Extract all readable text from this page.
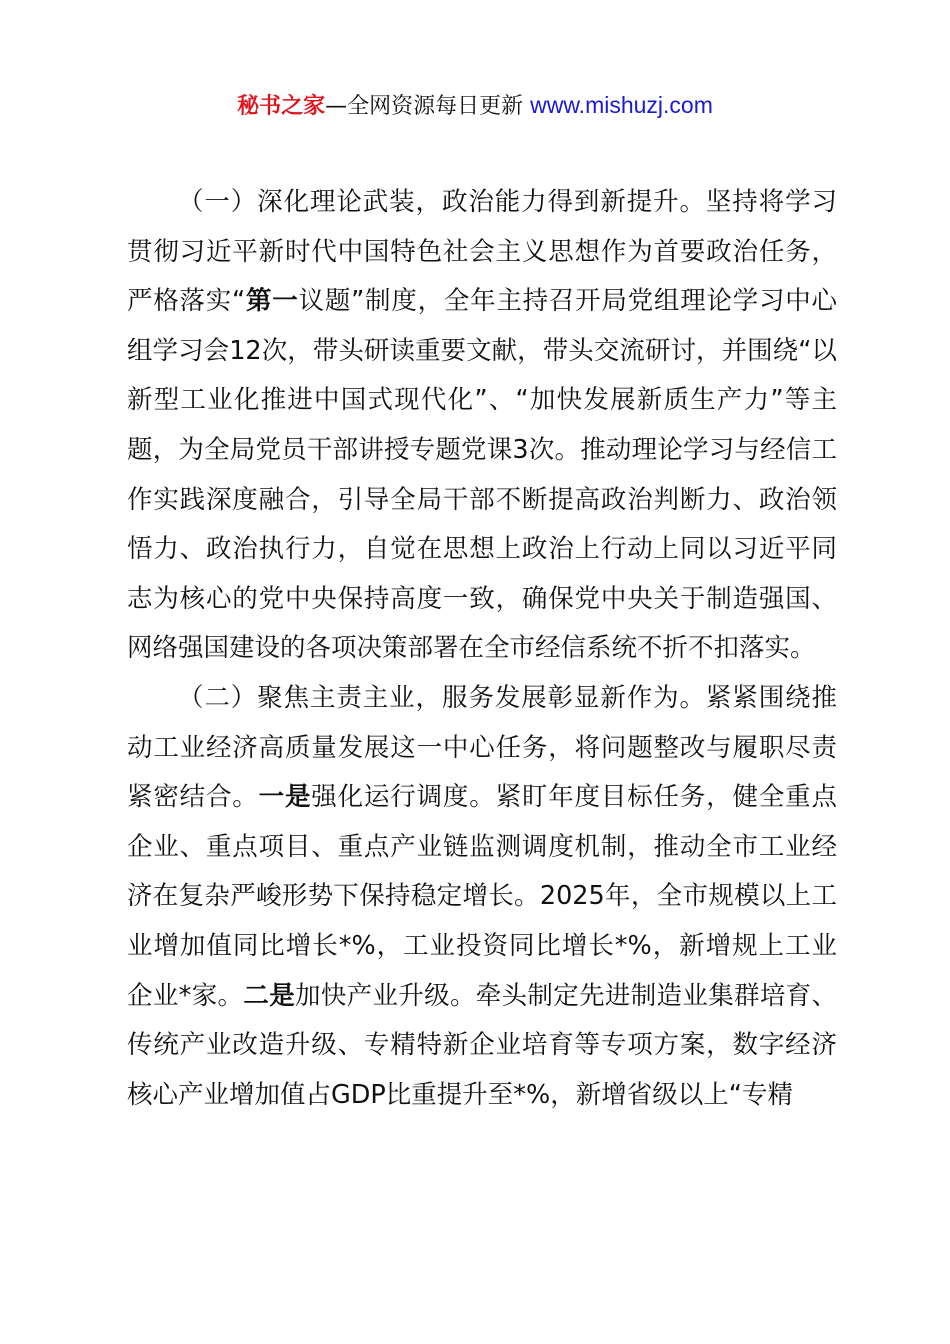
秘书之家—全网资源每日更新 www.mishuzj.com

（一）深化理论武装，政治能力得到新提升。坚持将学习贯彻习近平新时代中国特色社会主义思想作为首要政治任务，严格落实“第一议题”制度，全年主持召开局党组理论学习中心组学习会12次，带头研读重要文献，带头交流研讨，并围绕“以新型工业化推进中国式现代化”、“加快发展新质生产力”等主题，为全局党员干部讲授专题党课3次。推动理论学习与经信工作实践深度融合，引导全局干部不断提高政治判断力、政治领悟力、政治执行力，自觉在思想上政治上行动上同以习近平同志为核心的党中央保持高度一致，确保党中央关于制造强国、网络强国建设的各项决策部署在全市经信系统不折不扣落实。

（二）聚焦主责主业，服务发展彰显新作为。紧紧围绕推动工业经济高质量发展这一中心任务，将问题整改与履职尽责紧密结合。一是强化运行调度。紧盯年度目标任务，健全重点企业、重点项目、重点产业链监测调度机制，推动全市工业经济在复杂严峻形势下保持稳定增长。2025年，全市规模以上工业增加值同比增长*%，工业投资同比增长*%，新增规上工业企业*家。二是加快产业升级。牵头制定先进制造业集群培育、传统产业改造升级、专精特新企业培育等专项方案，数字经济核心产业增加值占GDP比重提升至*%，新增省级以上“专精
